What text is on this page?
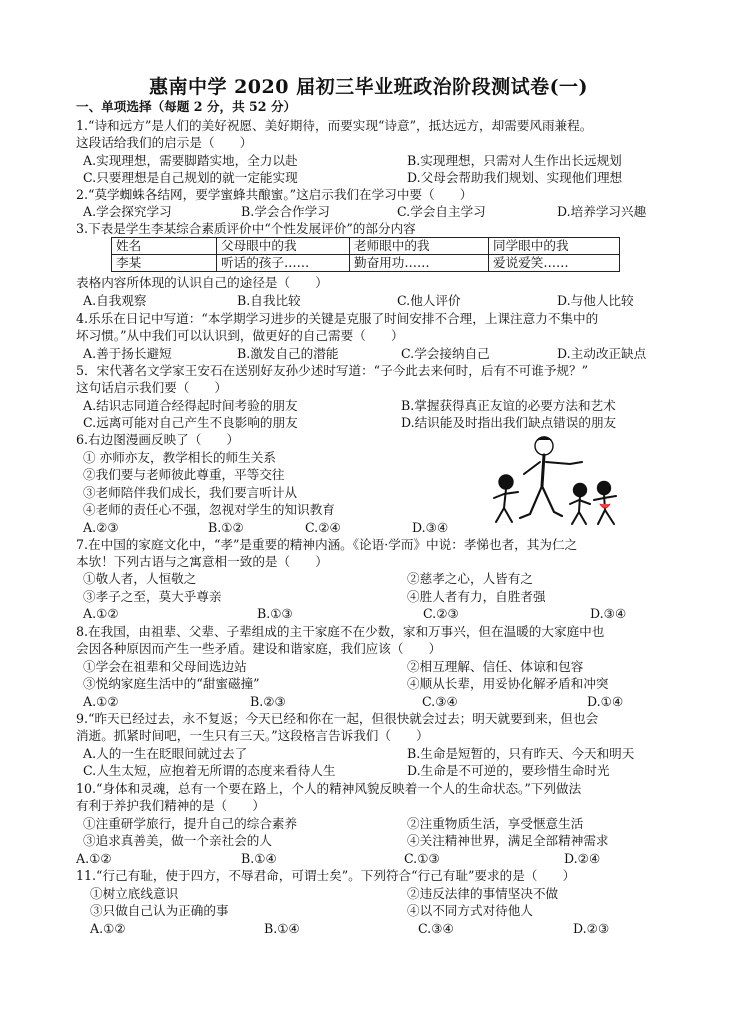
惠南中学 2020 届初三毕业班政治阶段测试卷(一)
一、单项选择（每题 2 分，共 52 分）
1.“诗和远方”是人们的美好祝愿、美好期待，而要实现“诗意”，抵达远方，却需要风雨兼程。
这段话给我们的启示是（　　）
A.实现理想，需要脚踏实地，全力以赴	B.实现理想，只需对人生作出长远规划
C.只要理想是自己规划的就一定能实现	D.父母会帮助我们规划、实现他们理想
2.“莫学蜘蛛各结网，要学蜜蜂共酿蜜。”这启示我们在学习中要（　　）
A.学会探究学习	B.学会合作学习	C.学会自主学习	D.培养学习兴趣
3.下表是学生李某综合素质评价中“个性发展评价”的部分内容
姓名	父母眼中的我	老师眼中的我	同学眼中的我
李某	听话的孩子……	勤奋用功……	爱说爱笑……
表格内容所体现的认识自己的途径是（　　）
A.自我观察	B.自我比较	C.他人评价	D.与他人比较
4.乐乐在日记中写道：“本学期学习进步的关键是克服了时间安排不合理，上课注意力不集中的
坏习惯。”从中我们可以认识到，做更好的自己需要（　　）
A.善于扬长避短	B.激发自己的潜能	C.学会接纳自己	D.主动改正缺点
5．宋代著名文学家王安石在送别好友孙少述时写道：“子今此去来何时，后有不可谁予规？”
这句话启示我们要（　　）
A.结识志同道合经得起时间考验的朋友	B.掌握获得真正友谊的必要方法和艺术
C.远离可能对自己产生不良影响的朋友	D.结识能及时指出我们缺点错误的朋友
6.右边图漫画反映了（　　）
① 亦师亦友，教学相长的师生关系
②我们要与老师彼此尊重，平等交往
③老师陪伴我们成长，我们要言听计从
④老师的责任心不强，忽视对学生的知识教育
A.②③	B.①②	C.②④	D.③④
7.在中国的家庭文化中，“孝”是重要的精神内涵。《论语·学而》中说：孝悌也者，其为仁之
本欤！下列古语与之寓意相一致的是（　　）
①敬人者，人恒敬之	②慈孝之心，人皆有之
③孝子之至，莫大乎尊亲	④胜人者有力，自胜者强
A.①②	B.①③	C.②③	D.③④
8.在我国，由祖辈、父辈、子辈组成的主干家庭不在少数，家和万事兴，但在温暖的大家庭中也
会因各种原因而产生一些矛盾。建设和谐家庭，我们应该（　　）
①学会在祖辈和父母间选边站	②相互理解、信任、体谅和包容
③悦纳家庭生活中的“甜蜜磁撞”	④顺从长辈，用妥协化解矛盾和冲突
A.①②	B.②③	C.③④	D.①④
9.“昨天已经过去，永不复返；今天已经和你在一起，但很快就会过去；明天就要到来，但也会
消逝。抓紧时间吧，一生只有三天。”这段格言告诉我们（　　）
A.人的一生在眨眼间就过去了	B.生命是短暂的，只有昨天、今天和明天
C.人生太短，应抱着无所谓的态度来看待人生	D.生命是不可逆的，要珍惜生命时光
10.“身体和灵魂，总有一个要在路上，个人的精神风貌反映着一个人的生命状态。”下列做法
有利于养护我们精神的是（　　）
①注重研学旅行，提升自己的综合素养	②注重物质生活，享受惬意生活
③追求真善美，做一个亲社会的人	④关注精神世界，满足全部精神需求
A.①②	B.①④	C.①③	D.②④
11.“行己有耻，使于四方，不辱君命，可谓士矣”。下列符合“行己有耻”要求的是（　　）
①树立底线意识	②违反法律的事情坚决不做
③只做自己认为正确的事	④以不同方式对待他人
A.①②	B.①④	C.③④	D.②③
